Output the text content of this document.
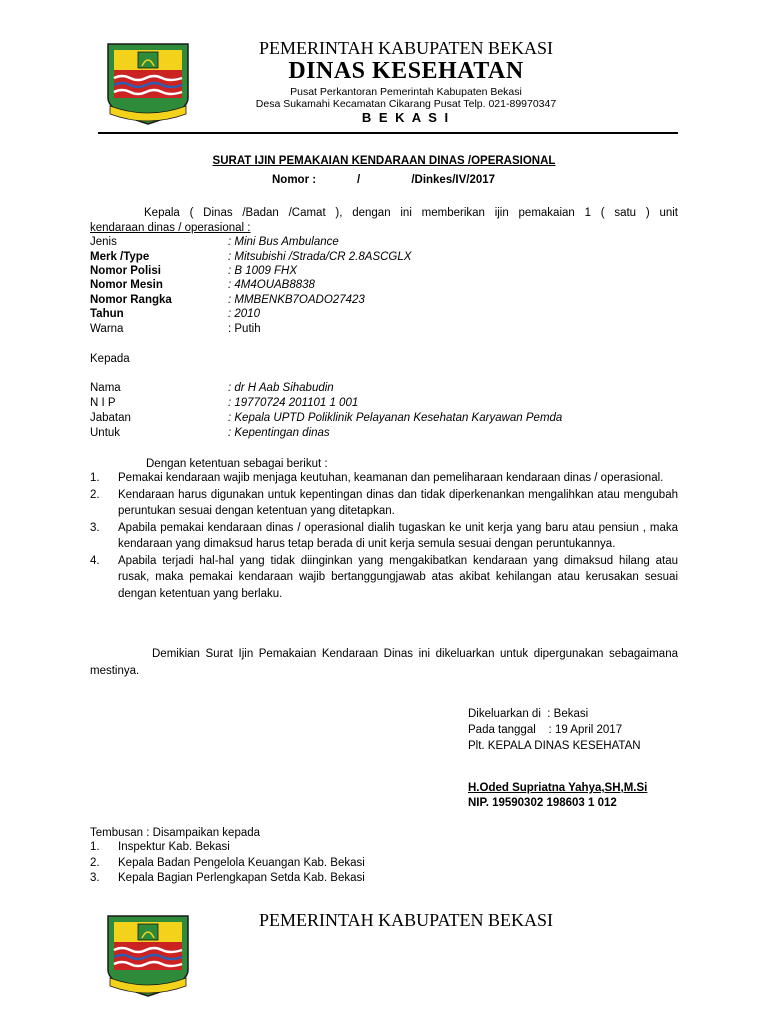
PEMERINTAH KABUPATEN BEKASI
DINAS KESEHATAN
Pusat Perkantoran Pemerintah Kabupaten Bekasi
Desa Sukamahi Kecamatan Cikarang Pusat Telp. 021-89970347
B E K A S I
SURAT IJIN PEMAKAIAN KENDARAAN DINAS /OPERASIONAL
Nomor :	/                /Dinkes/IV/2017
Kepala ( Dinas /Badan /Camat ), dengan ini memberikan ijin pemakaian 1 ( satu ) unit
kendaraan dinas / operasional :
Jenis	: Mini Bus Ambulance
Merk /Type	: Mitsubishi /Strada/CR 2.8ASCGLX
Nomor Polisi	: B 1009 FHX
Nomor Mesin	: 4M4OUAB8838
Nomor Rangka	: MMBENKB7OADO27423
Tahun	: 2010
Warna	: Putih
Kepada
Nama	: dr H Aab Sihabudin
N I P	: 19770724 201101 1 001
Jabatan	: Kepala UPTD Poliklinik Pelayanan Kesehatan Karyawan Pemda
Untuk	: Kepentingan dinas
Dengan ketentuan sebagai berikut :
1. Pemakai kendaraan wajib menjaga keutuhan, keamanan dan pemeliharaan kendaraan dinas / operasional.
2. Kendaraan harus digunakan untuk kepentingan dinas dan tidak diperkenankan mengalihkan atau mengubah peruntukan sesuai dengan ketentuan yang ditetapkan.
3. Apabila pemakai kendaraan dinas / operasional dialih tugaskan ke unit kerja yang baru atau pensiun , maka kendaraan yang dimaksud harus tetap berada di unit kerja semula sesuai dengan peruntukannya.
4. Apabila terjadi hal-hal yang tidak diinginkan yang mengakibatkan kendaraan yang dimaksud hilang atau rusak, maka pemakai kendaraan wajib bertanggungjawab atas akibat kehilangan atau kerusakan sesuai dengan ketentuan yang berlaku.
Demikian Surat Ijin Pemakaian Kendaraan Dinas ini dikeluarkan untuk dipergunakan sebagaimana mestinya.
Dikeluarkan di  : Bekasi
Pada tanggal    : 19 April 2017
Plt. KEPALA DINAS KESEHATAN
H.Oded Supriatna Yahya,SH,M.Si
NIP. 19590302 198603 1 012
Tembusan : Disampaikan kepada
1. Inspektur Kab. Bekasi
2. Kepala Badan Pengelola Keuangan Kab. Bekasi
3. Kepala Bagian Perlengkapan Setda Kab. Bekasi
PEMERINTAH KABUPATEN BEKASI
